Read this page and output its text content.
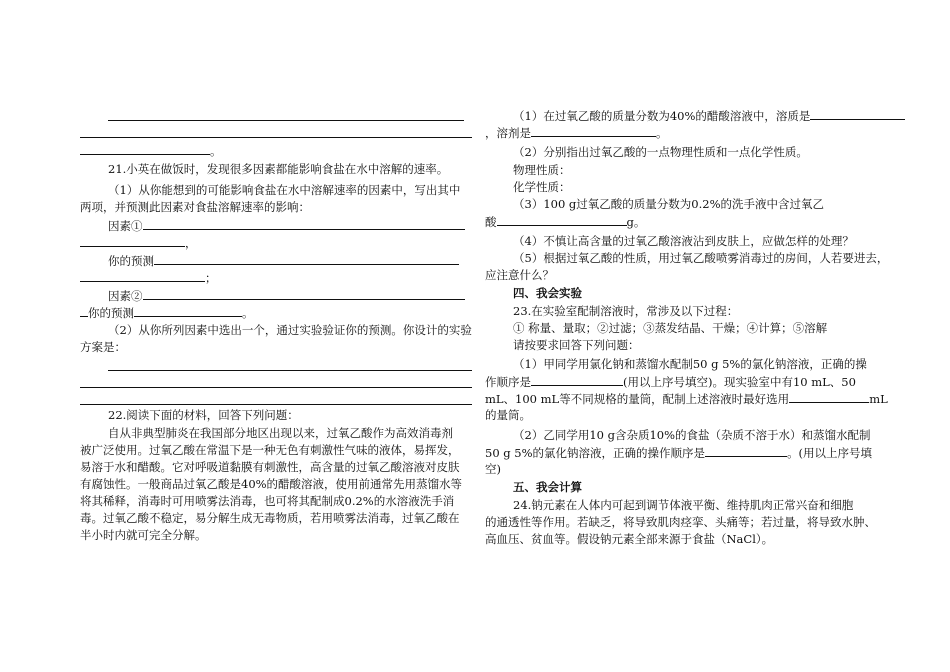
。
21.小英在做饭时，发现很多因素都能影响食盐在水中溶解的速率。
（1）从你能想到的可能影响食盐在水中溶解速率的因素中，写出其中
两项，并预测此因素对食盐溶解速率的影响：
因素①
，
你的预测
；
因素②
你的预测	。
（2）从你所列因素中选出一个，通过实验验证你的预测。你设计的实验
方案是：
22.阅读下面的材料，回答下列问题：
自从非典型肺炎在我国部分地区出现以来，过氧乙酸作为高效消毒剂
被广泛使用。过氧乙酸在常温下是一种无色有刺激性气味的液体，易挥发，
易溶于水和醋酸。它对呼吸道黏膜有刺激性，高含量的过氧乙酸溶液对皮肤
有腐蚀性。一般商品过氧乙酸是40%的醋酸溶液，使用前通常先用蒸馏水等
将其稀释，消毒时可用喷雾法消毒，也可将其配制成0.2%的水溶液洗手消
毒。过氧乙酸不稳定，易分解生成无毒物质，若用喷雾法消毒，过氧乙酸在
半小时内就可完全分解。
（1）在过氧乙酸的质量分数为40%的醋酸溶液中，溶质是
，溶剂是	。
（2）分别指出过氧乙酸的一点物理性质和一点化学性质。
物理性质：
化学性质：
（3）100 g过氧乙酸的质量分数为0.2%的洗手液中含过氧乙
酸	g。
（4）不慎让高含量的过氧乙酸溶液沾到皮肤上，应做怎样的处理？
（5）根据过氧乙酸的性质，用过氧乙酸喷雾消毒过的房间，人若要进去，
应注意什么？
四、我会实验
23.在实验室配制溶液时，常涉及以下过程：
① 称量、量取；②过滤；③蒸发结晶、干燥；④计算；⑤溶解
请按要求回答下列问题：
（1）甲同学用氯化钠和蒸馏水配制50 g 5%的氯化钠溶液，正确的操
作顺序是	(用以上序号填空)。现实验室中有10 mL、50
mL、100 mL等不同规格的量筒，配制上述溶液时最好选用	mL
的量筒。
（2）乙同学用10 g含杂质10%的食盐（杂质不溶于水）和蒸馏水配制
50 g 5%的氯化钠溶液，正确的操作顺序是	。(用以上序号填
空)
五、我会计算
24.钠元素在人体内可起到调节体液平衡、维持肌肉正常兴奋和细胞
的通透性等作用。若缺乏，将导致肌肉痉挛、头痛等；若过量，将导致水肿、
高血压、贫血等。假设钠元素全部来源于食盐（NaCl）。
